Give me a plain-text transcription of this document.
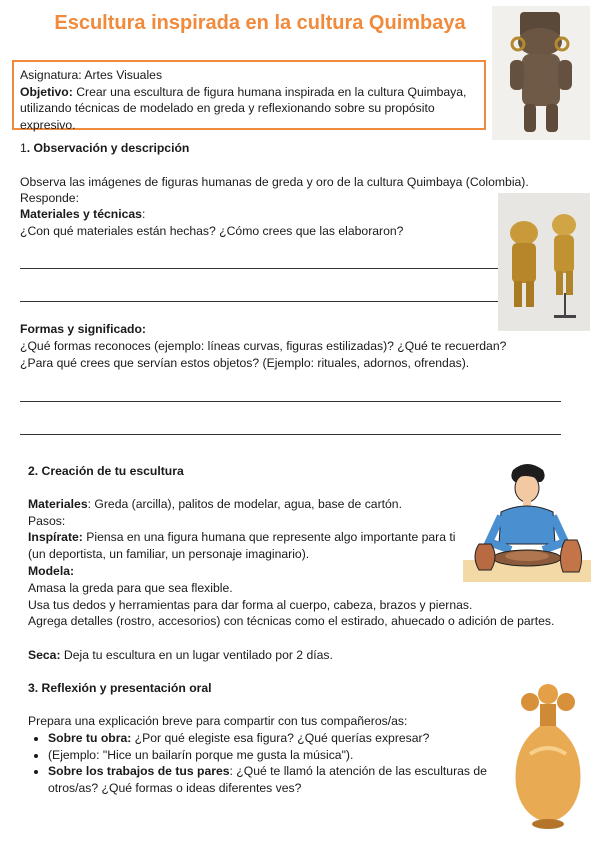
Escultura inspirada en la cultura Quimbaya
Asignatura: Artes Visuales
Objetivo: Crear una escultura de figura humana inspirada en la cultura Quimbaya, utilizando técnicas de modelado en greda y reflexionando sobre su propósito expresivo.
1. Observación y descripción
Observa las imágenes de figuras humanas de greda y oro de la cultura Quimbaya (Colombia).
Responde:
Materiales y técnicas:
¿Con qué materiales están hechas? ¿Cómo crees que las elaboraron?
Formas y significado:
¿Qué formas reconoces (ejemplo: líneas curvas, figuras estilizadas)? ¿Qué te recuerdan?
¿Para qué crees que servían estos objetos? (Ejemplo: rituales, adornos, ofrendas).
2. Creación de tu escultura
Materiales: Greda (arcilla), palitos de modelar, agua, base de cartón.
Pasos:
Inspírate: Piensa en una figura humana que represente algo importante para ti
(un deportista, un familiar, un personaje imaginario).
Modela:
Amasa la greda para que sea flexible.
Usa tus dedos y herramientas para dar forma al cuerpo, cabeza, brazos y piernas.
Agrega detalles (rostro, accesorios) con técnicas como el estirado, ahuecado o adición de partes.
Seca: Deja tu escultura en un lugar ventilado por 2 días.
3. Reflexión y presentación oral
Prepara una explicación breve para compartir con tus compañeros/as:
• Sobre tu obra: ¿Por qué elegiste esa figura? ¿Qué querías expresar?
• (Ejemplo: "Hice un bailarín porque me gusta la música").
• Sobre los trabajos de tus pares: ¿Qué te llamó la atención de las esculturas de otros/as? ¿Qué formas o ideas diferentes ves?
